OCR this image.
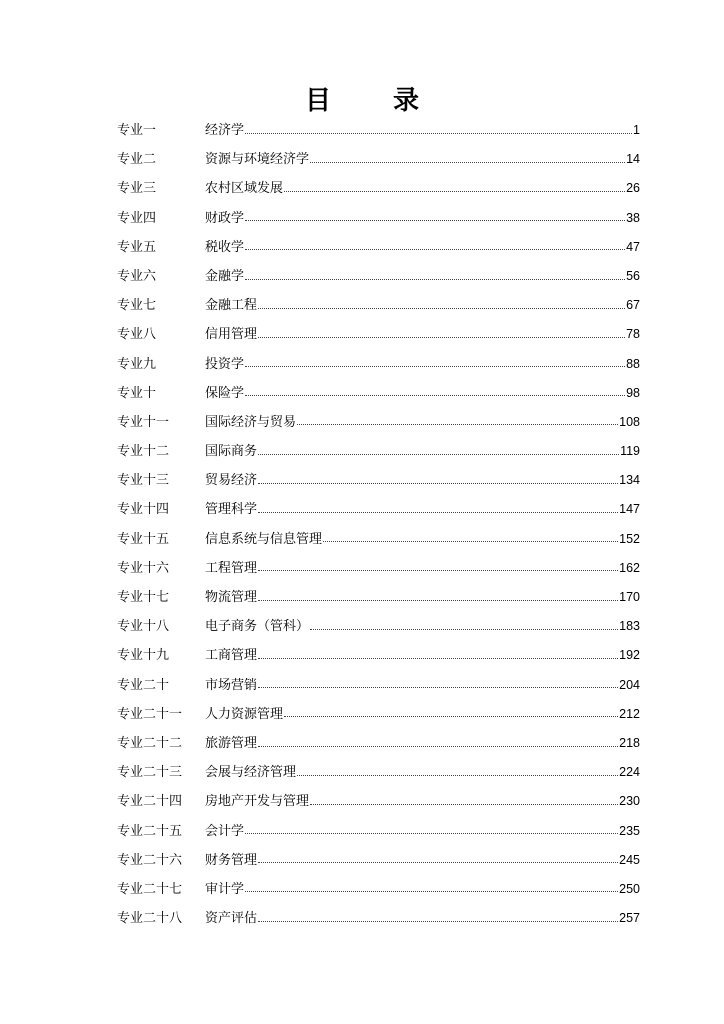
目 录
专业一	经济学	1
专业二	资源与环境经济学	14
专业三	农村区域发展	26
专业四	财政学	38
专业五	税收学	47
专业六	金融学	56
专业七	金融工程	67
专业八	信用管理	78
专业九	投资学	88
专业十	保险学	98
专业十一	国际经济与贸易	108
专业十二	国际商务	119
专业十三	贸易经济	134
专业十四	管理科学	147
专业十五	信息系统与信息管理	152
专业十六	工程管理	162
专业十七	物流管理	170
专业十八	电子商务（管科）	183
专业十九	工商管理	192
专业二十	市场营销	204
专业二十一	人力资源管理	212
专业二十二	旅游管理	218
专业二十三	会展与经济管理	224
专业二十四	房地产开发与管理	230
专业二十五	会计学	235
专业二十六	财务管理	245
专业二十七	审计学	250
专业二十八	资产评估	257
